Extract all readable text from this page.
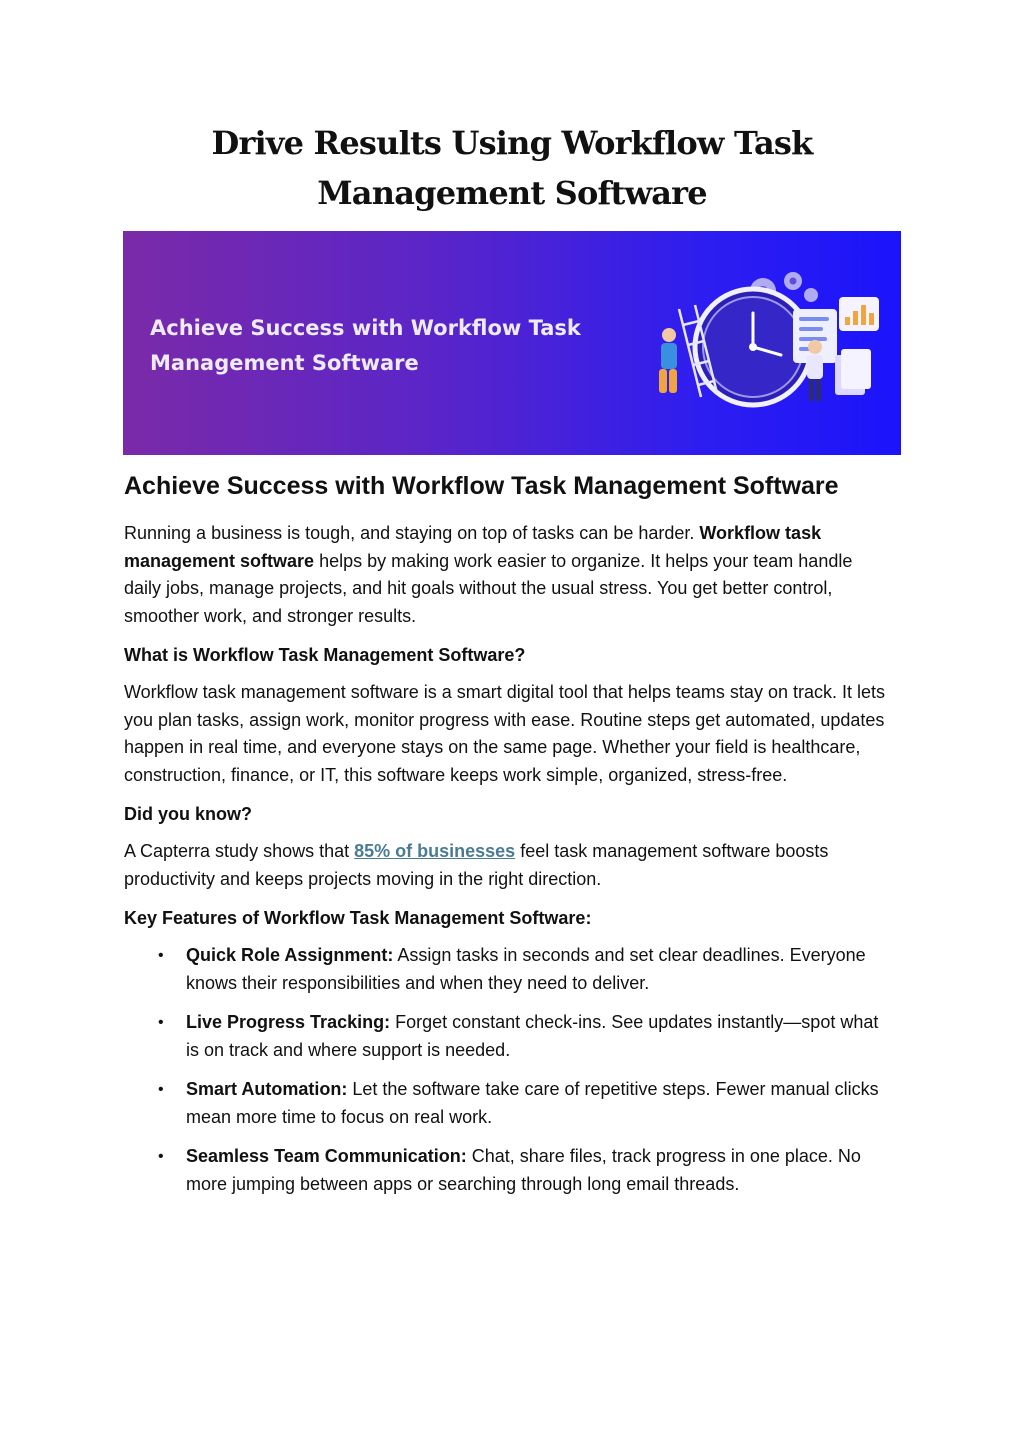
Drive Results Using Workflow Task Management Software

Achieve Success with Workflow Task Management Software

Achieve Success with Workflow Task Management Software

Running a business is tough, and staying on top of tasks can be harder. Workflow task management software helps by making work easier to organize. It helps your team handle daily jobs, manage projects, and hit goals without the usual stress. You get better control, smoother work, and stronger results.

What is Workflow Task Management Software?

Workflow task management software is a smart digital tool that helps teams stay on track. It lets you plan tasks, assign work, monitor progress with ease. Routine steps get automated, updates happen in real time, and everyone stays on the same page. Whether your field is healthcare, construction, finance, or IT, this software keeps work simple, organized, stress-free.

Did you know?

A Capterra study shows that 85% of businesses feel task management software boosts productivity and keeps projects moving in the right direction.

Key Features of Workflow Task Management Software:
• Quick Role Assignment: Assign tasks in seconds and set clear deadlines. Everyone knows their responsibilities and when they need to deliver.
• Live Progress Tracking: Forget constant check-ins. See updates instantly—spot what is on track and where support is needed.
• Smart Automation: Let the software take care of repetitive steps. Fewer manual clicks mean more time to focus on real work.
• Seamless Team Communication: Chat, share files, track progress in one place. No more jumping between apps or searching through long email threads.
